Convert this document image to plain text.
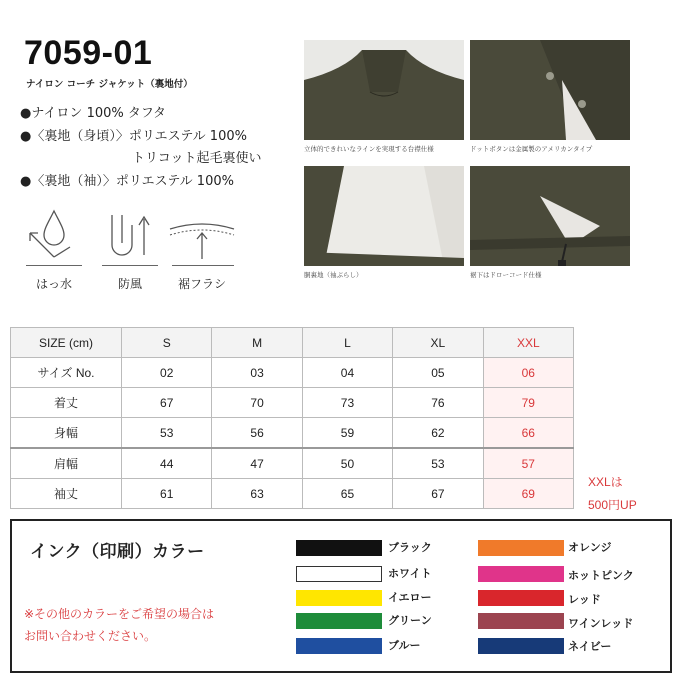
7059-01
ナイロン コーチ ジャケット（裏地付）
●ナイロン 100% タフタ
●〈裏地（身頃）〉ポリエステル 100%
トリコット起毛裏使い
●〈裏地（袖）〉ポリエステル 100%
はっ水	防風	裾フラシ
立体的できれいなラインを実現する台襟仕様	ドットボタンは金属製のアメリカンタイプ
胴裏地（袖ぶらし）	裾下はドローコード仕様
SIZE (cm)	S	M	L	XL	XXL
サイズ No.	02	03	04	05	06
着丈	67	70	73	76	79
身幅	53	56	59	62	66
肩幅	44	47	50	53	57
袖丈	61	63	65	67	69
XXLは
500円UP
インク（印刷）カラー
※その他のカラーをご希望の場合は
お問い合わせください。
ブラック
ホワイト
イエロー
グリーン
ブルー
オレンジ
ホットピンク
レッド
ワインレッド
ネイビー
